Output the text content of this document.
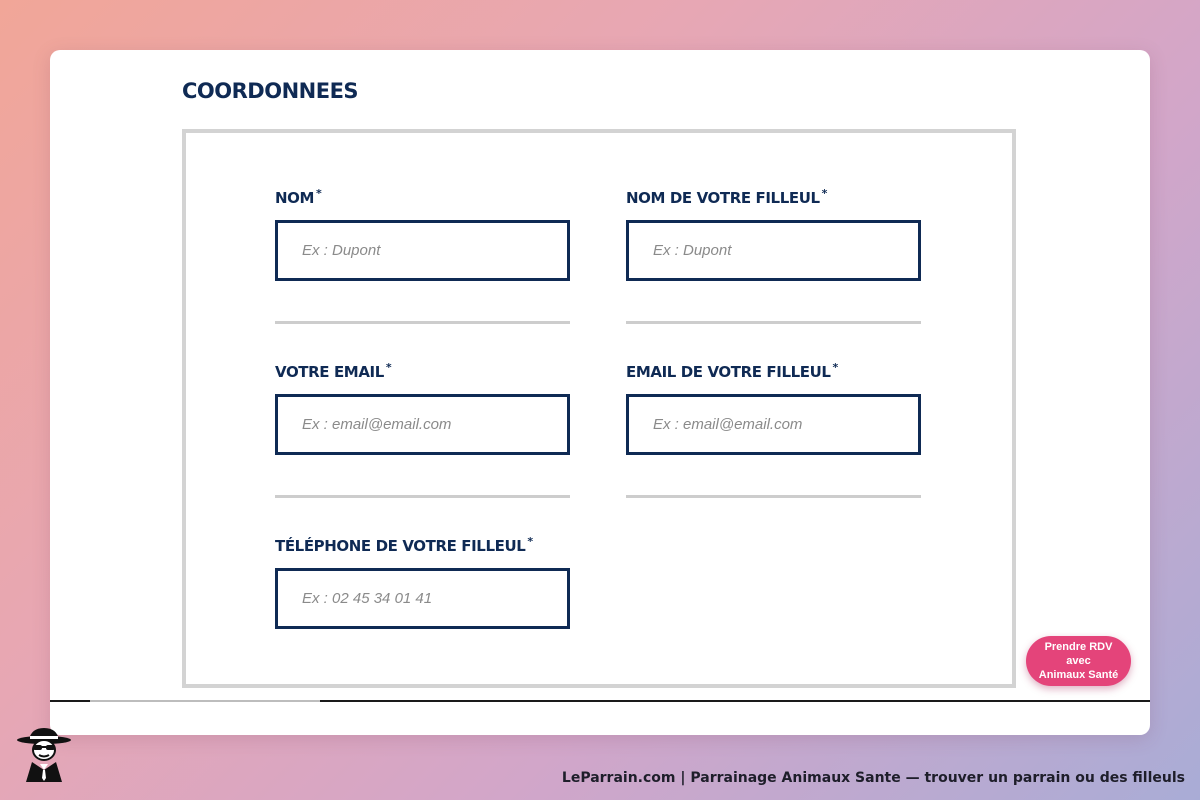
COORDONNEES
NOM *
Ex : Dupont	NOM DE VOTRE FILLEUL *
Ex : Dupont
VOTRE EMAIL *
Ex : email@email.com	EMAIL DE VOTRE FILLEUL *
Ex : email@email.com
TÉLÉPHONE DE VOTRE FILLEUL *
Ex : 02 45 34 01 41
Prendre RDV avec
Animaux Santé
LeParrain.com | Parrainage Animaux Sante — trouver un parrain ou des filleuls
